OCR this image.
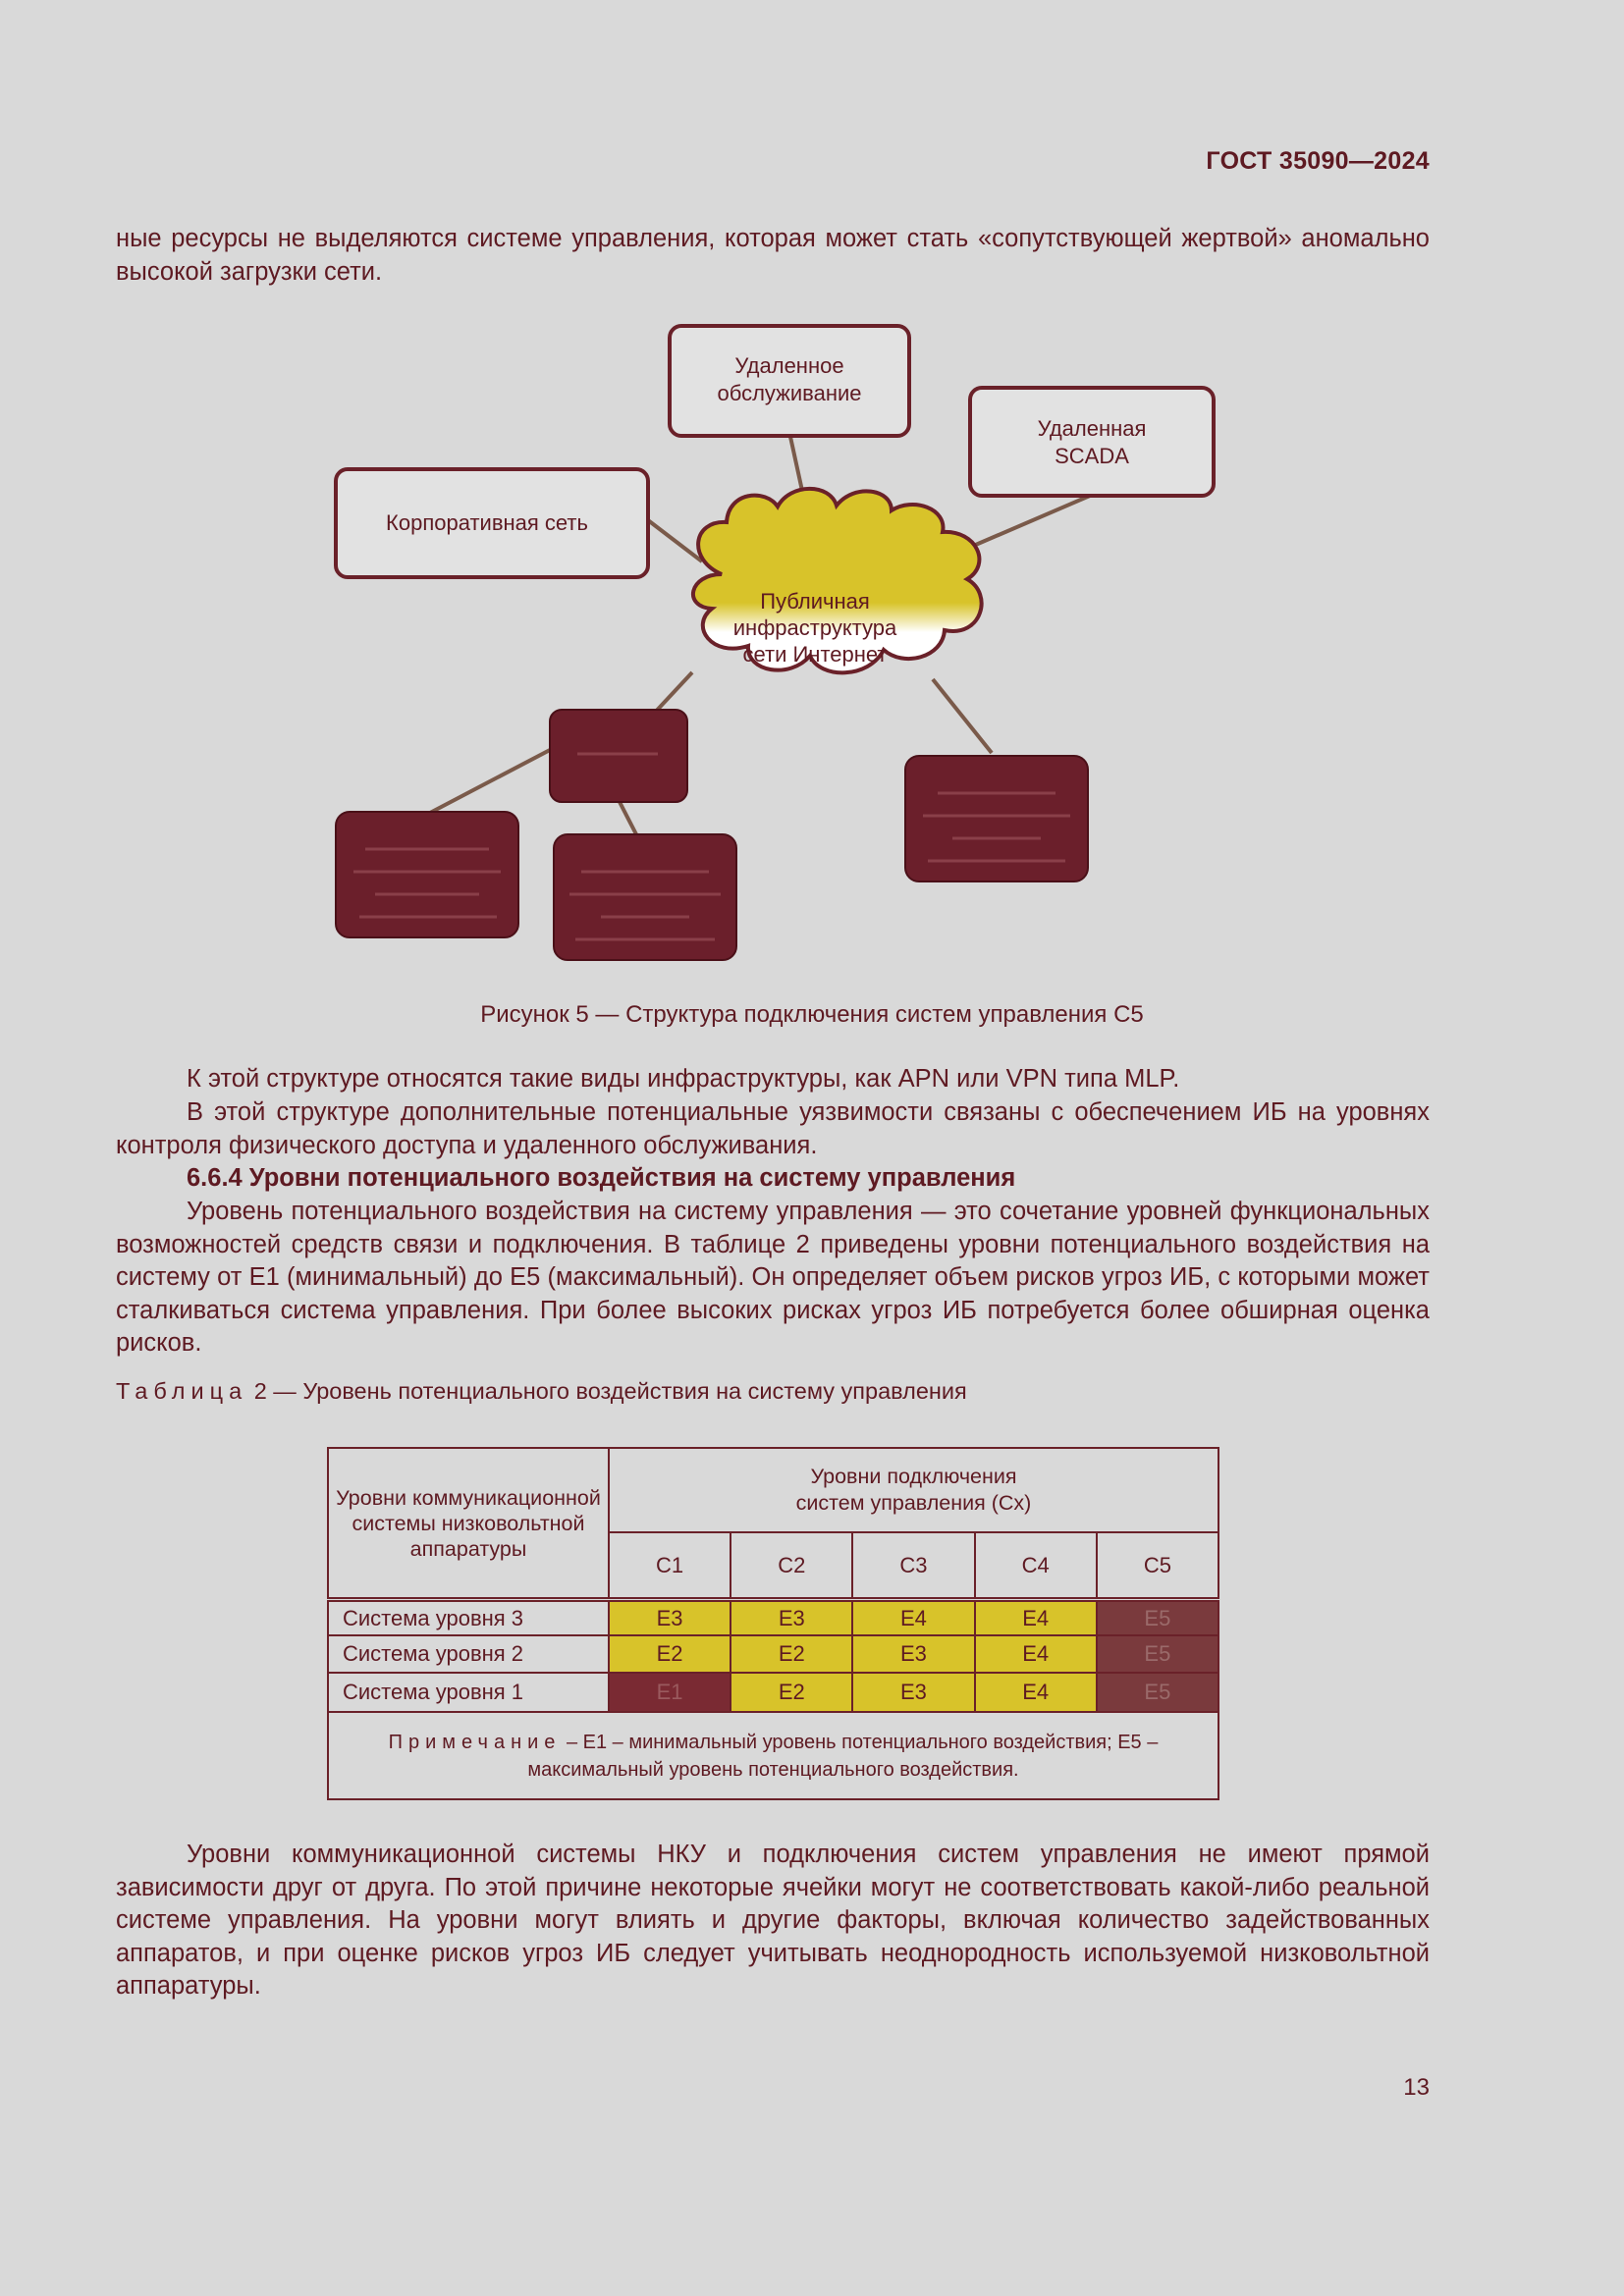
ГОСТ 35090—2024

ные ресурсы не выделяются системе управления, которая может стать «сопутствующей жертвой» аномально высокой загрузки сети.

Публичная
инфраструктура
сети Интернет
Удаленное
обслуживание
Удаленная
SCADA
Корпоративная сеть
Рисунок 5 — Структура подключения систем управления С5

К этой структуре относятся такие виды инфраструктуры, как APN или VPN типа MLP.

В этой структуре дополнительные потенциальные уязвимости связаны с обеспечением ИБ на уровнях контроля физического доступа и удаленного обслуживания.

6.6.4 Уровни потенциального воздействия на систему управления

Уровень потенциального воздействия на систему управления — это сочетание уровней функциональных возможностей средств связи и подключения. В таблице 2 приведены уровни потенциального воздействия на систему от Е1 (минимальный) до Е5 (максимальный). Он определяет объем рисков угроз ИБ, с которыми может сталкиваться система управления. При более высоких рисках угроз ИБ потребуется более обширная оценка рисков.

Таблица 2 — Уровень потенциального воздействия на систему управления
Уровни коммуникационной системы низковольтной аппаратуры	Уровни подключения
систем управления (Сх)				

	С1	С2	С3	С4	С5
Система уровня 3	Е3	Е3	Е4	Е4	Е5
Система уровня 2	Е2	Е2	Е3	Е4	Е5
Система уровня 1	Е1	Е2	Е3	Е4	Е5
Примечание – Е1 – минимальный уровень потенциального воздействия; Е5 – максимальный уровень потенциального воздействия.					

Уровни коммуникационной системы НКУ и подключения систем управления не имеют прямой зависимости друг от друга. По этой причине некоторые ячейки могут не соответствовать какой-либо реальной системе управления. На уровни могут влиять и другие факторы, включая количество задействованных аппаратов, и при оценке рисков угроз ИБ следует учитывать неоднородность используемой низковольтной аппаратуры.

13
